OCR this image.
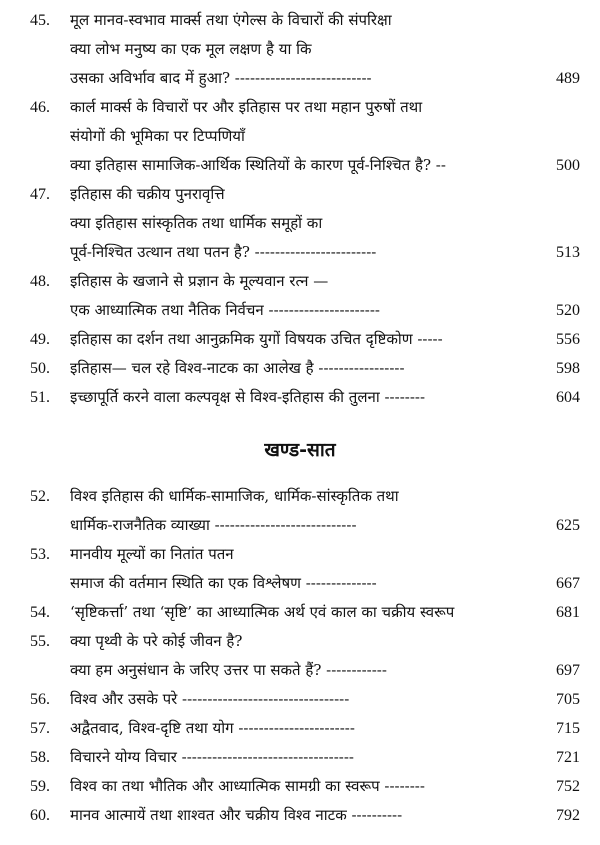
45.	मूल मानव-स्वभाव मार्क्स तथा एंगेल्स के विचारों की संपरिक्षा
क्या लोभ मनुष्य का एक मूल लक्षण है या कि
उसका अविर्भाव बाद में हुआ? ---------------------------	489
46.	कार्ल मार्क्स के विचारों पर और इतिहास पर तथा महान पुरुषों तथा
संयोगों की भूमिका पर टिप्पणियाँ
क्या इतिहास सामाजिक-आर्थिक स्थितियों के कारण पूर्व-निश्चित है? --	500
47.	इतिहास की चक्रीय पुनरावृत्ति
क्या इतिहास सांस्कृतिक तथा धार्मिक समूहों का
पूर्व-निश्चित उत्थान तथा पतन है? ------------------------	513
48.	इतिहास के खजाने से प्रज्ञान के मूल्यवान रत्न —
एक आध्यात्मिक तथा नैतिक निर्वचन ----------------------	520
49.	इतिहास का दर्शन तथा आनुक्रमिक युगों विषयक उचित दृष्टिकोण -----	556
50.	इतिहास— चल रहे विश्व-नाटक का आलेख है -----------------	598
51.	इच्छापूर्ति करने वाला कल्पवृक्ष से विश्व-इतिहास की तुलना --------	604
खण्ड-सात
52.	विश्व इतिहास की धार्मिक-सामाजिक, धार्मिक-सांस्कृतिक तथा
धार्मिक-राजनैतिक व्याख्या ----------------------------	625
53.	मानवीय मूल्यों का नितांत पतन
समाज की वर्तमान स्थिति का एक विश्लेषण --------------	667
54.	‘सृष्टिकर्त्ता’ तथा ‘सृष्टि’ का आध्यात्मिक अर्थ एवं काल का चक्रीय स्वरूप	681
55.	क्या पृथ्वी के परे कोई जीवन है?
क्या हम अनुसंधान के जरिए उत्तर पा सकते हैं? ------------	697
56.	विश्व और उसके परे ---------------------------------	705
57.	अद्वैतवाद, विश्व-दृष्टि तथा योग -----------------------	715
58.	विचारने योग्य विचार ----------------------------------	721
59.	विश्व का तथा भौतिक और आध्यात्मिक सामग्री का स्वरूप --------	752
60.	मानव आत्मायें तथा शाश्वत और चक्रीय विश्व नाटक ----------	792
